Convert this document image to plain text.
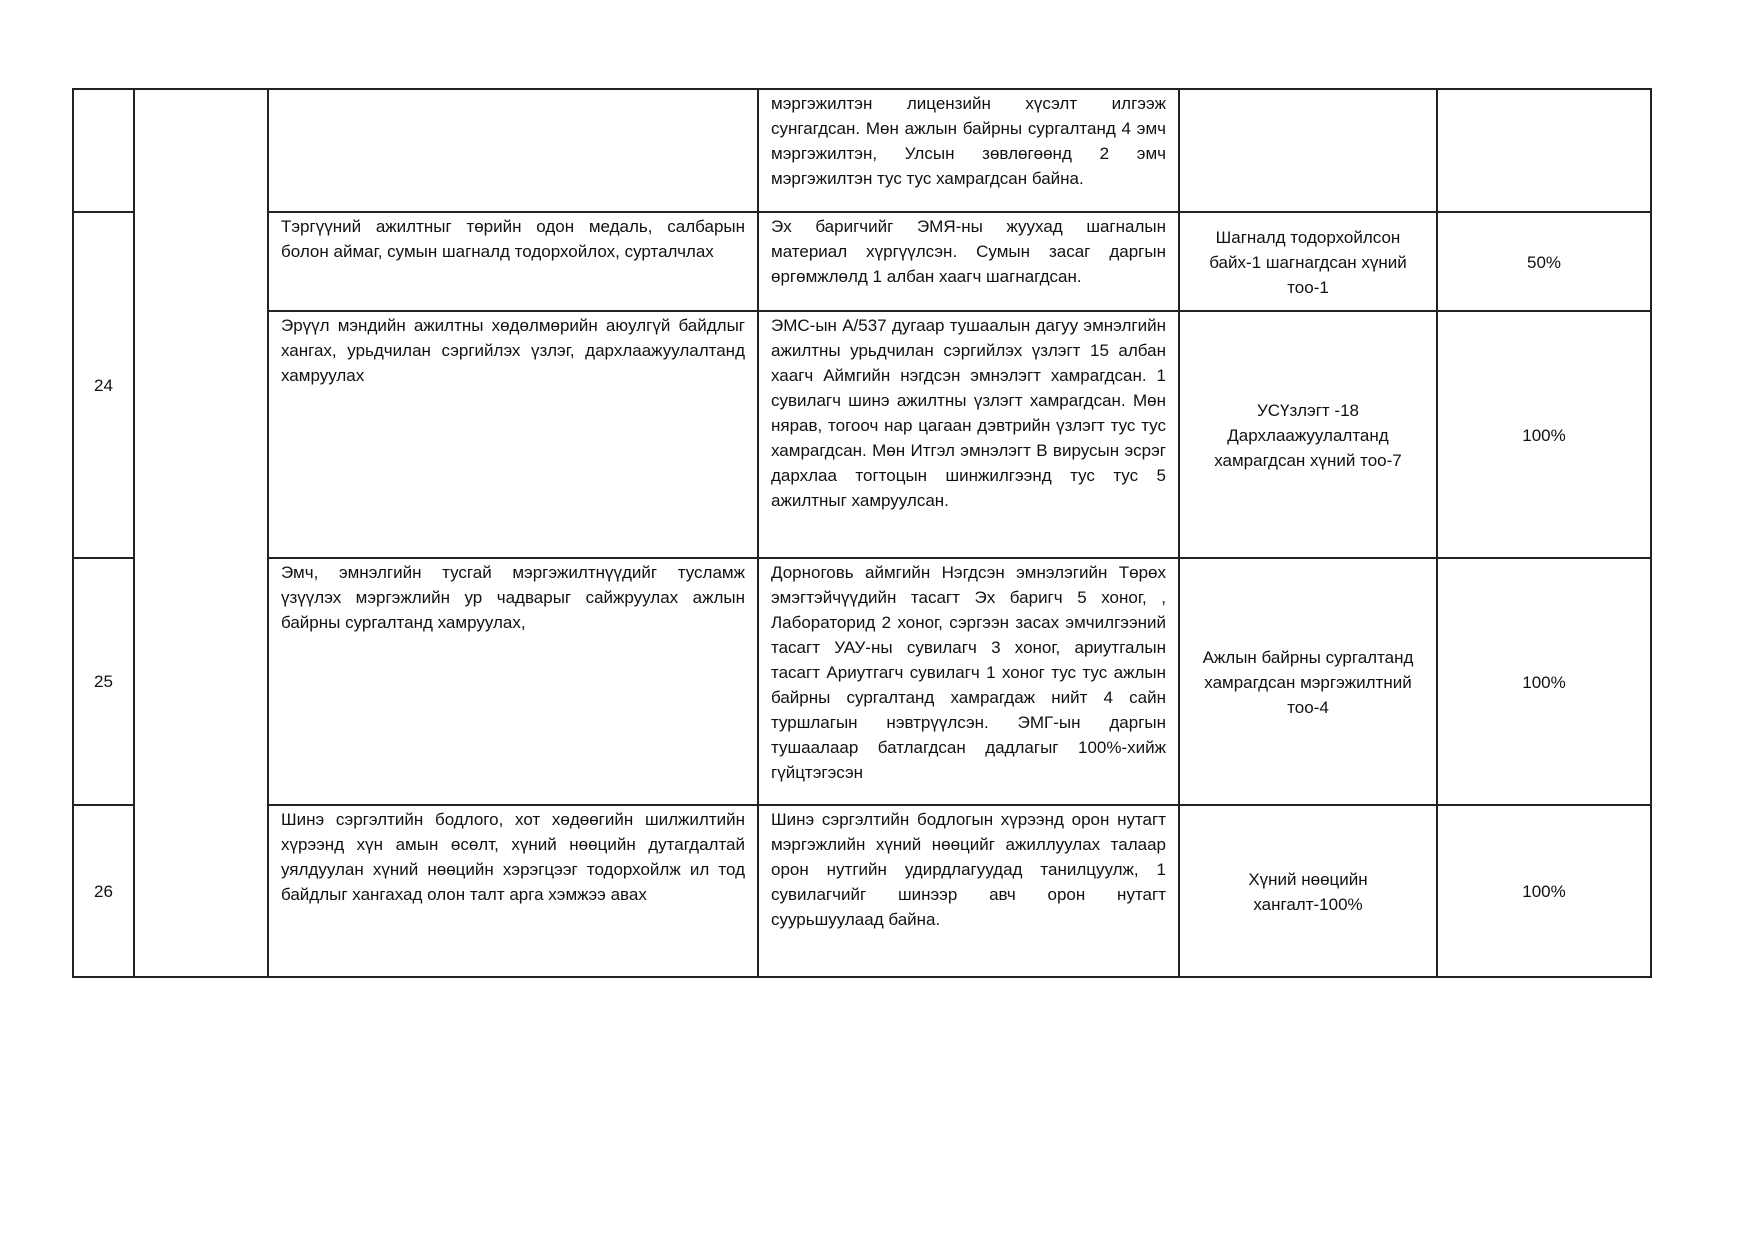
			мэргэжилтэн лицензийн хүсэлт илгээж сунгагдсан. Мөн ажлын байрны сургалтанд 4 эмч мэргэжилтэн, Улсын зөвлөгөөнд 2 эмч мэргэжилтэн тус тус хамрагдсан байна.		

24		Тэргүүний ажилтныг төрийн одон медаль, салбарын болон аймаг, сумын шагналд тодорхойлох, сурталчлах	Эх баригчийг ЭМЯ-ны жуухад шагналын материал хүргүүлсэн. Сумын засаг даргын өргөмжлөлд 1 албан хаагч шагнагдсан.	Шагналд тодорхойлсон байх-1 шагнагдсан хүний тоо-1	50%

		Эрүүл мэндийн ажилтны хөдөлмөрийн аюулгүй байдлыг хангах, урьдчилан сэргийлэх үзлэг, дархлаажуулалтанд хамруулах	ЭМС-ын А/537 дугаар тушаалын дагуу эмнэлгийн ажилтны урьдчилан сэргийлэх үзлэгт 15 албан хаагч Аймгийн нэгдсэн эмнэлэгт хамрагдсан. 1 сувилагч шинэ ажилтны үзлэгт хамрагдсан. Мөн нярав, тогооч нар цагаан дэвтрийн үзлэгт тус тус хамрагдсан. Мөн Итгэл эмнэлэгт В вирусын эсрэг дархлаа тогтоцын шинжилгээнд тус тус 5 ажилтныг хамруулсан.	УСҮзлэгт -18 Дархлаажуулалтанд хамрагдсан хүний тоо-7	100%
25		Эмч, эмнэлгийн тусгай мэргэжилтнүүдийг тусламж үзүүлэх мэргэжлийн ур чадварыг сайжруулах ажлын байрны сургалтанд хамруулах,	Дорноговь аймгийн Нэгдсэн эмнэлэгийн Төрөх эмэгтэйчүүдийн тасагт Эх баригч 5 хоног, , Лабораторид 2 хоног, сэргээн засах эмчилгээний тасагт УАУ-ны сувилагч 3 хоног, ариутгалын тасагт Ариутгагч сувилагч 1 хоног тус тус ажлын байрны сургалтанд хамрагдаж нийт 4 сайн туршлагын нэвтрүүлсэн. ЭМГ-ын даргын тушаалаар батлагдсан дадлагыг 100%-хийж гүйцтэгэсэн	Ажлын байрны сургалтанд хамрагдсан мэргэжилтний тоо-4	100%
26		Шинэ сэргэлтийн бодлого, хот хөдөөгийн шилжилтийн хүрээнд хүн амын өсөлт, хүний нөөцийн дутагдалтай уялдуулан хүний нөөцийн хэрэгцээг тодорхойлж ил тод байдлыг хангахад олон талт арга хэмжээ авах	Шинэ сэргэлтийн бодлогын хүрээнд орон нутагт мэргэжлийн хүний нөөцийг ажиллуулах талаар орон нутгийн удирдлагуудад танилцуулж, 1 сувилагчийг шинээр авч орон нутагт суурьшуулаад байна.	Хүний нөөцийн хангалт-100%	100%
